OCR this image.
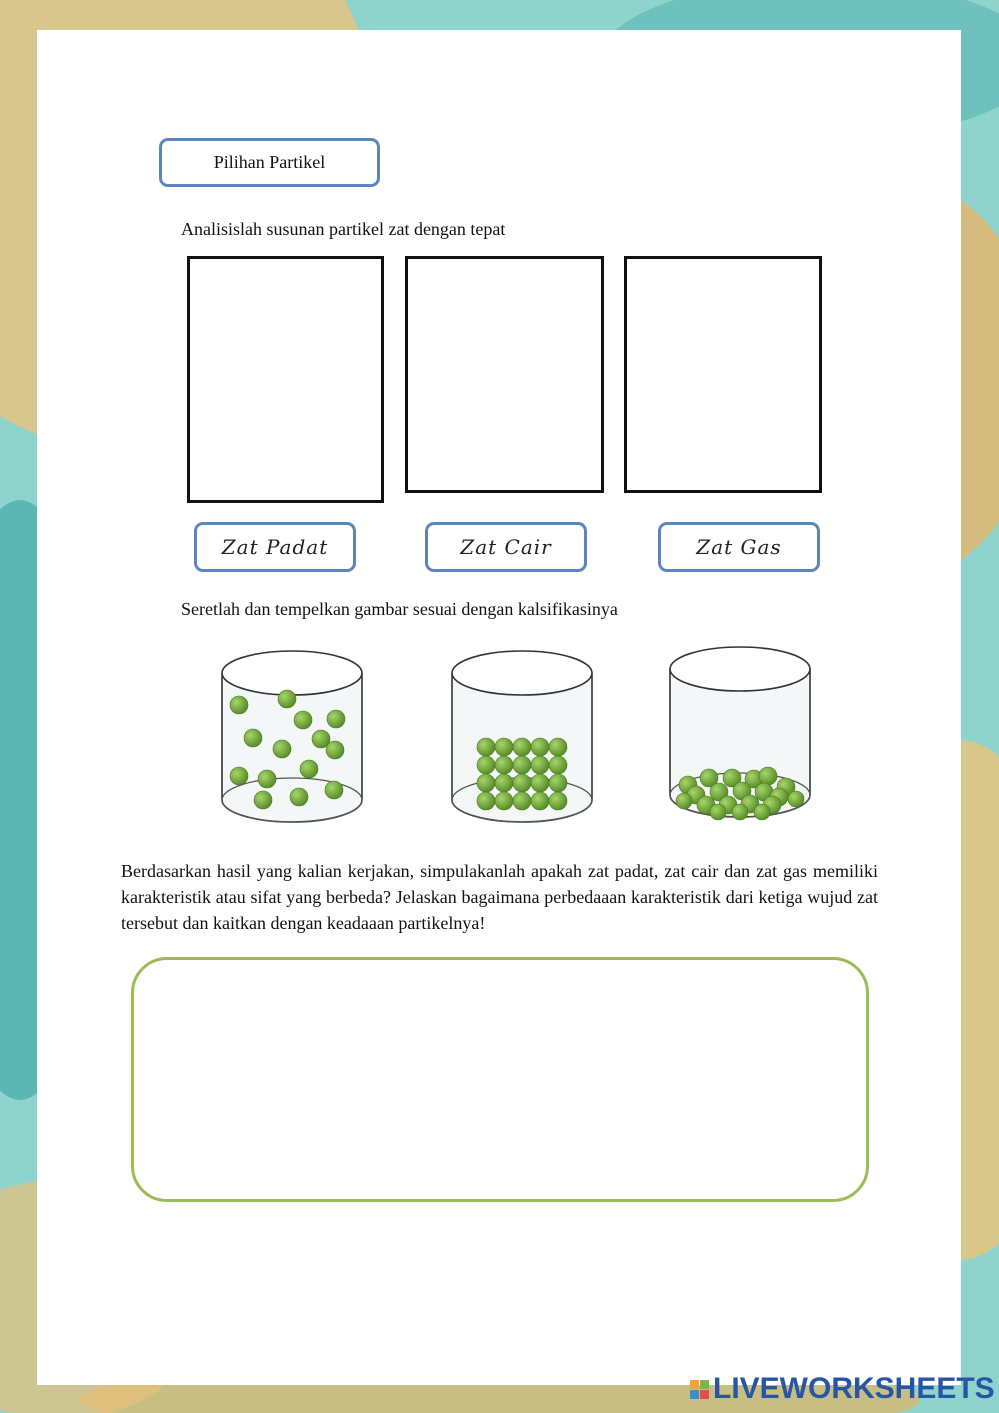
Pilihan Partikel
Analisislah susunan partikel zat dengan tepat
Zat Padat	Zat Cair	Zat Gas
Seretlah dan tempelkan gambar sesuai dengan kalsifikasinya
Berdasarkan hasil yang kalian kerjakan, simpulakanlah apakah zat padat, zat cair dan zat gas memiliki karakteristik atau sifat yang berbeda? Jelaskan bagaimana perbedaaan karakteristik dari ketiga wujud zat tersebut dan kaitkan dengan keadaaan partikelnya!
LIVEWORKSHEETS
